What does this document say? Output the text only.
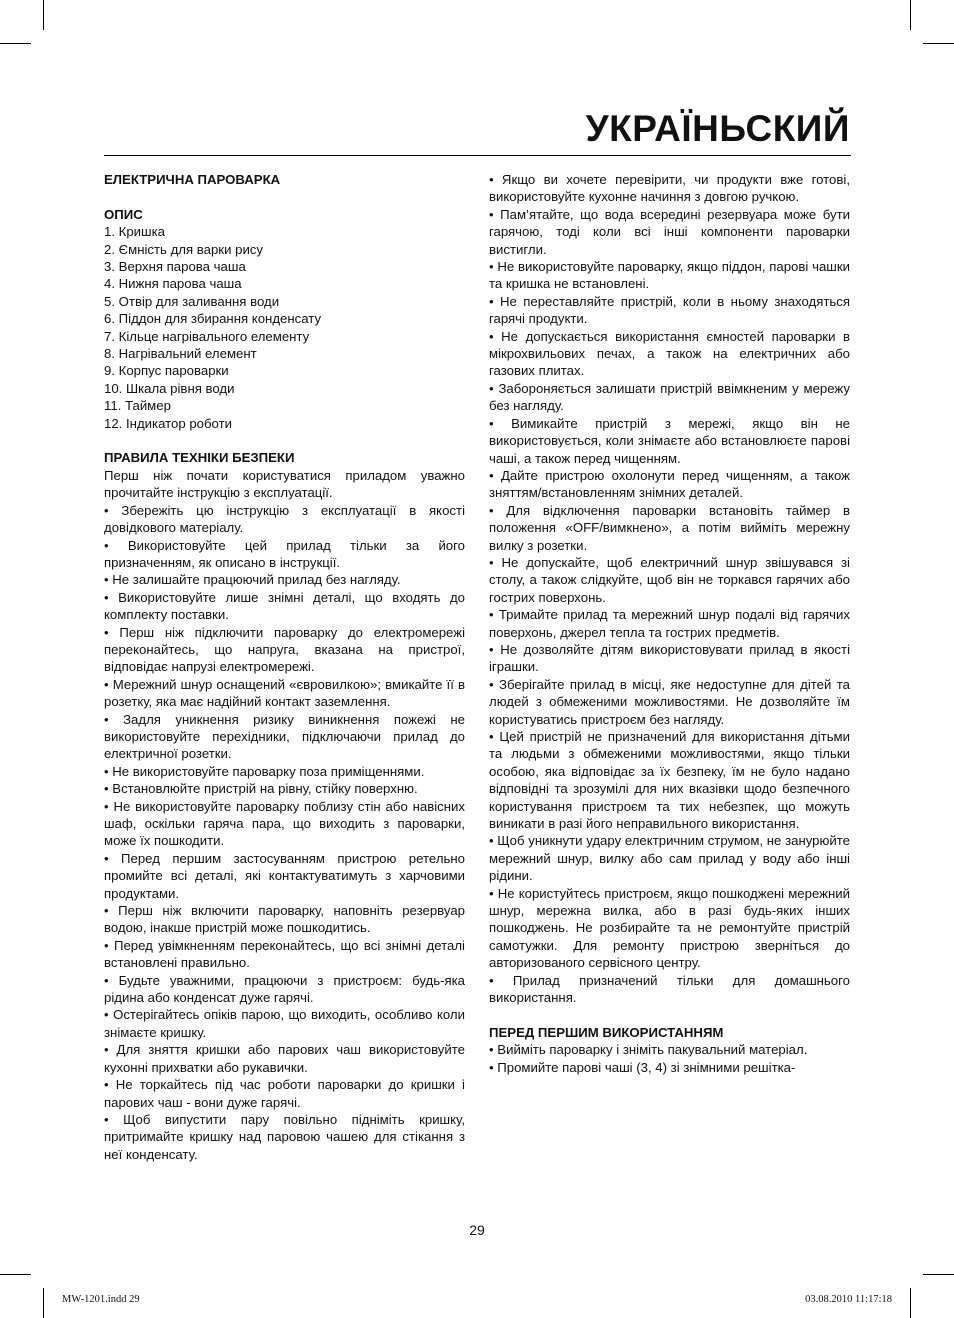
УКРАЇНЬСКИЙ

ЕЛЕКТРИЧНА ПАРОВАРКА

ОПИС

1. Кришка
2. Ємність для варки рису
3. Верхня парова чаша
4. Нижня парова чаша
5. Отвір для заливання води
6. Піддон для збирання конденсату
7. Кільце нагрівального елементу
8. Нагрівальний елемент
9. Корпус пароварки
10. Шкала рівня води
11. Таймер
12. Індикатор роботи

ПРАВИЛА ТЕХНІКИ БЕЗПЕКИ

Перш ніж почати користуватися приладом уважно прочитайте інструкцію з експлуатації.

• Збережіть цю інструкцію з експлуатації в якості довідкового матеріалу.

• Використовуйте цей прилад тільки за його призначенням, як описано в інструкції.

• Не залишайте працюючий прилад без нагляду.

• Використовуйте лише знімні деталі, що входять до комплекту поставки.

• Перш ніж підключити пароварку до електромережі переконайтесь, що напруга, вказана на пристрої, відповідає напрузі електромережі.

• Мережний шнур оснащений «євровилкою»; вмикайте її в розетку, яка має надійний контакт заземлення.

• Задля уникнення ризику виникнення пожежі не використовуйте перехідники, підключаючи прилад до електричної розетки.

• Не використовуйте пароварку поза приміщеннями.

• Встановлюйте пристрій на рівну, стійку поверхню.

• Не використовуйте пароварку поблизу стін або навісних шаф, оскільки гаряча пара, що виходить з пароварки, може їх пошкодити.

• Перед першим застосуванням пристрою ретельно промийте всі деталі, які контактуватимуть з харчовими продуктами.

• Перш ніж включити пароварку, наповніть резервуар водою, інакше пристрій може пошкодитись.

• Перед увімкненням переконайтесь, що всі знімні деталі встановлені правильно.

• Будьте уважними, працюючи з пристроєм: будь-яка рідина або конденсат дуже гарячі.

• Остерігайтесь опіків парою, що виходить, особливо коли знімаєте кришку.

• Для зняття кришки або парових чаш використовуйте кухонні прихватки або рукавички.

• Не торкайтесь під час роботи пароварки до кришки і парових чаш - вони дуже гарячі.

• Щоб випустити пару повільно підніміть кришку, притримайте кришку над паровою чашею для стікання з неї конденсату.

• Якщо ви хочете перевірити, чи продукти вже готові, використовуйте кухонне начиння з довгою ручкою.

• Пам’ятайте, що вода всередині резервуара може бути гарячою, тоді коли всі інші компоненти пароварки вистигли.

• Не використовуйте пароварку, якщо піддон, парові чашки та кришка не встановлені.

• Не переставляйте пристрій, коли в ньому знаходяться гарячі продукти.

• Не допускається використання ємностей пароварки в мікрохвильових печах, а також на електричних або газових плитах.

• Забороняється залишати пристрій ввімкненим у мережу без нагляду.

• Вимикайте пристрій з мережі, якщо він не використовується, коли знімаєте або встановлюєте парові чаші, а також перед чищенням.

• Дайте пристрою охолонути перед чищенням, а також зняттям/встановленням знімних деталей.

• Для відключення пароварки встановіть таймер в положення «OFF/вимкнено», а потім вийміть мережну вилку з розетки.

• Не допускайте, щоб електричний шнур звішувався зі столу, а також слідкуйте, щоб він не торкався гарячих або гострих поверхонь.

• Тримайте прилад та мережний шнур подалі від гарячих поверхонь, джерел тепла та гострих предметів.

• Не дозволяйте дітям використовувати прилад в якості іграшки.

• Зберігайте прилад в місці, яке недоступне для дітей та людей з обмеженими можливостями. Не дозволяйте їм користуватись пристроєм без нагляду.

• Цей пристрій не призначений для використання дітьми та людьми з обмеженими можливостями, якщо тільки особою, яка відповідає за їх безпеку, їм не було надано відповідні та зрозумілі для них вказівки щодо безпечного користування пристроєм та тих небезпек, що можуть виникати в разі його неправильного використання.

• Щоб уникнути удару електричним струмом, не занурюйте мережний шнур, вилку або сам прилад у воду або інші рідини.

• Не користуйтесь пристроєм, якщо пошкоджені мережний шнур, мережна вилка, або в разі будь-яких інших пошкоджень. Не розбирайте та не ремонтуйте пристрій самотужки. Для ремонту пристрою зверніться до авторизованого сервісного центру.

• Прилад призначений тільки для домашнього використання.

ПЕРЕД ПЕРШИМ ВИКОРИСТАННЯМ

• Вийміть пароварку і зніміть пакувальний матеріал.

• Промийте парові чаші (3, 4) зі знімними решітка-

29
MW-1201.indd 29	03.08.2010 11:17:18
